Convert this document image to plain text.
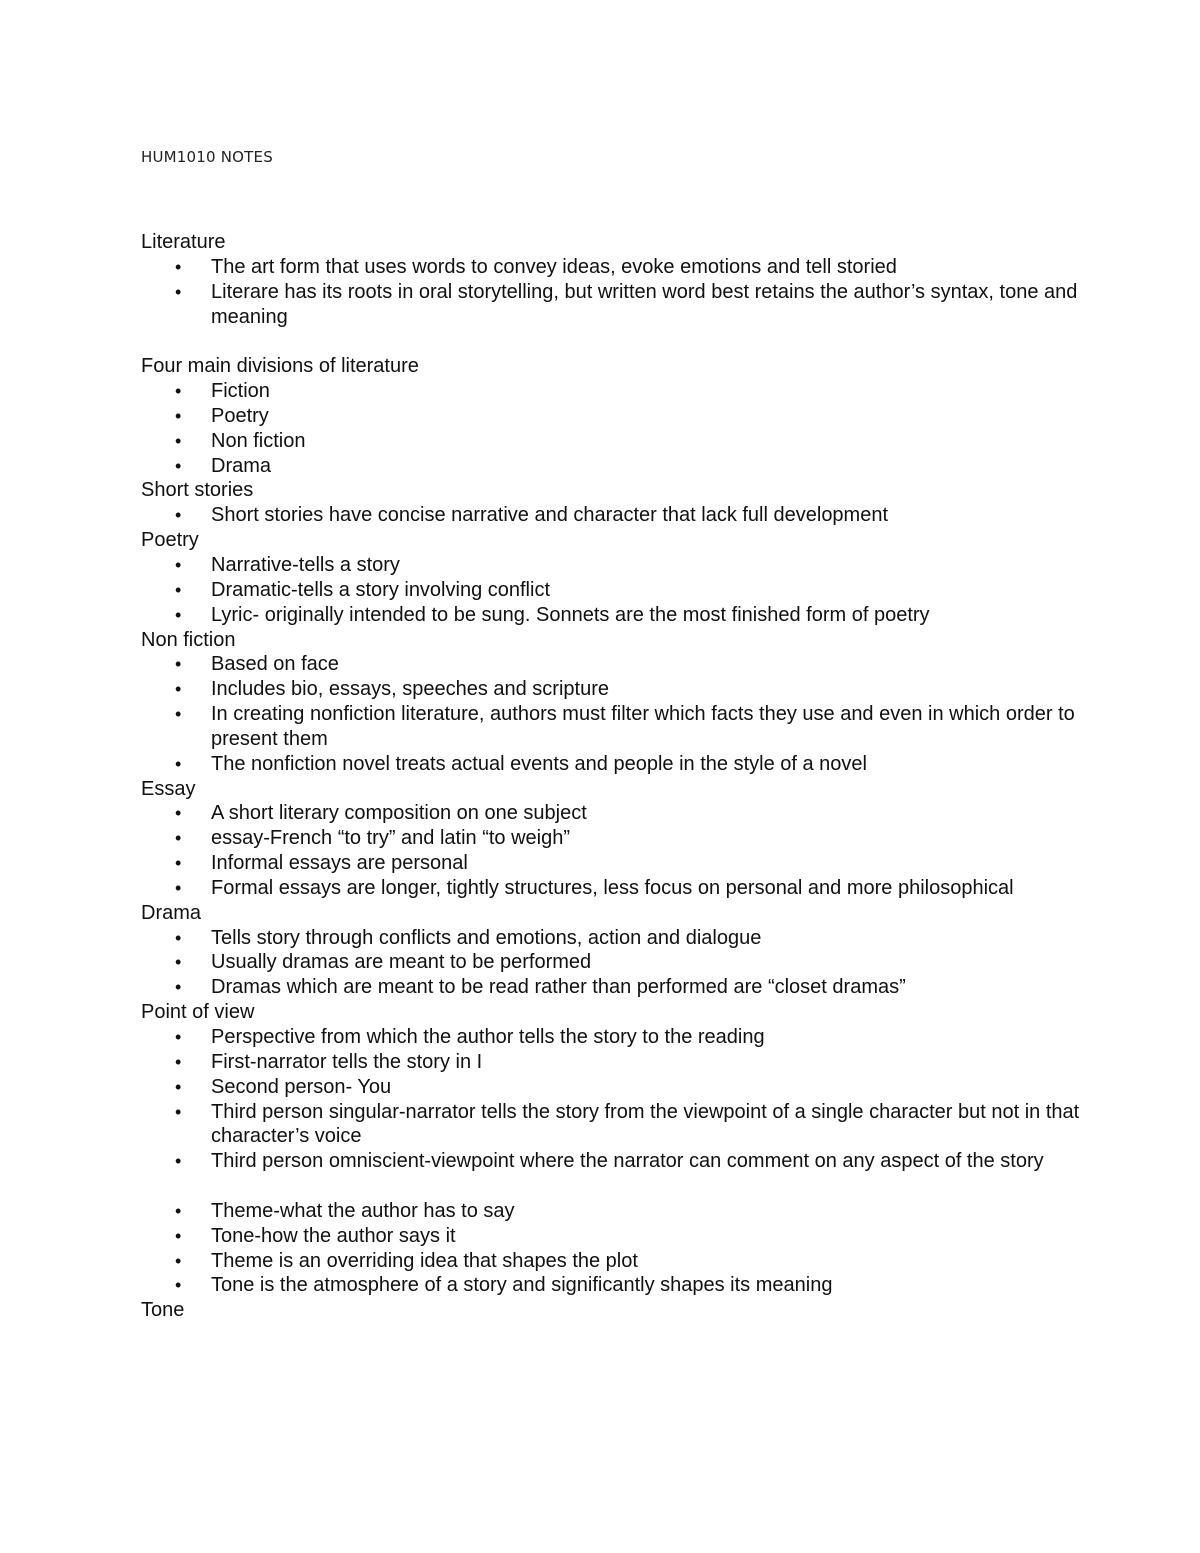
HUM1010 NOTES
Literature
• The art form that uses words to convey ideas, evoke emotions and tell storied
• Literare has its roots in oral storytelling, but written word best retains the author’s syntax, tone and meaning
Four main divisions of literature
• Fiction
• Poetry
• Non fiction
• Drama
Short stories
• Short stories have concise narrative and character that lack full development
Poetry
• Narrative-tells a story
• Dramatic-tells a story involving conflict
• Lyric- originally intended to be sung. Sonnets are the most finished form of poetry
Non fiction
• Based on face
• Includes bio, essays, speeches and scripture
• In creating nonfiction literature, authors must filter which facts they use and even in which order to present them
• The nonfiction novel treats actual events and people in the style of a novel
Essay
• A short literary composition on one subject
• essay-French “to try” and latin “to weigh”
• Informal essays are personal
• Formal essays are longer, tightly structures, less focus on personal and more philosophical
Drama
• Tells story through conflicts and emotions, action and dialogue
• Usually dramas are meant to be performed
• Dramas which are meant to be read rather than performed are “closet dramas”
Point of view
• Perspective from which the author tells the story to the reading
• First-narrator tells the story in I
• Second person- You
• Third person singular-narrator tells the story from the viewpoint of a single character but not in that character’s voice
• Third person omniscient-viewpoint where the narrator can comment on any aspect of the story
• Theme-what the author has to say
• Tone-how the author says it
• Theme is an overriding idea that shapes the plot
• Tone is the atmosphere of a story and significantly shapes its meaning
Tone
